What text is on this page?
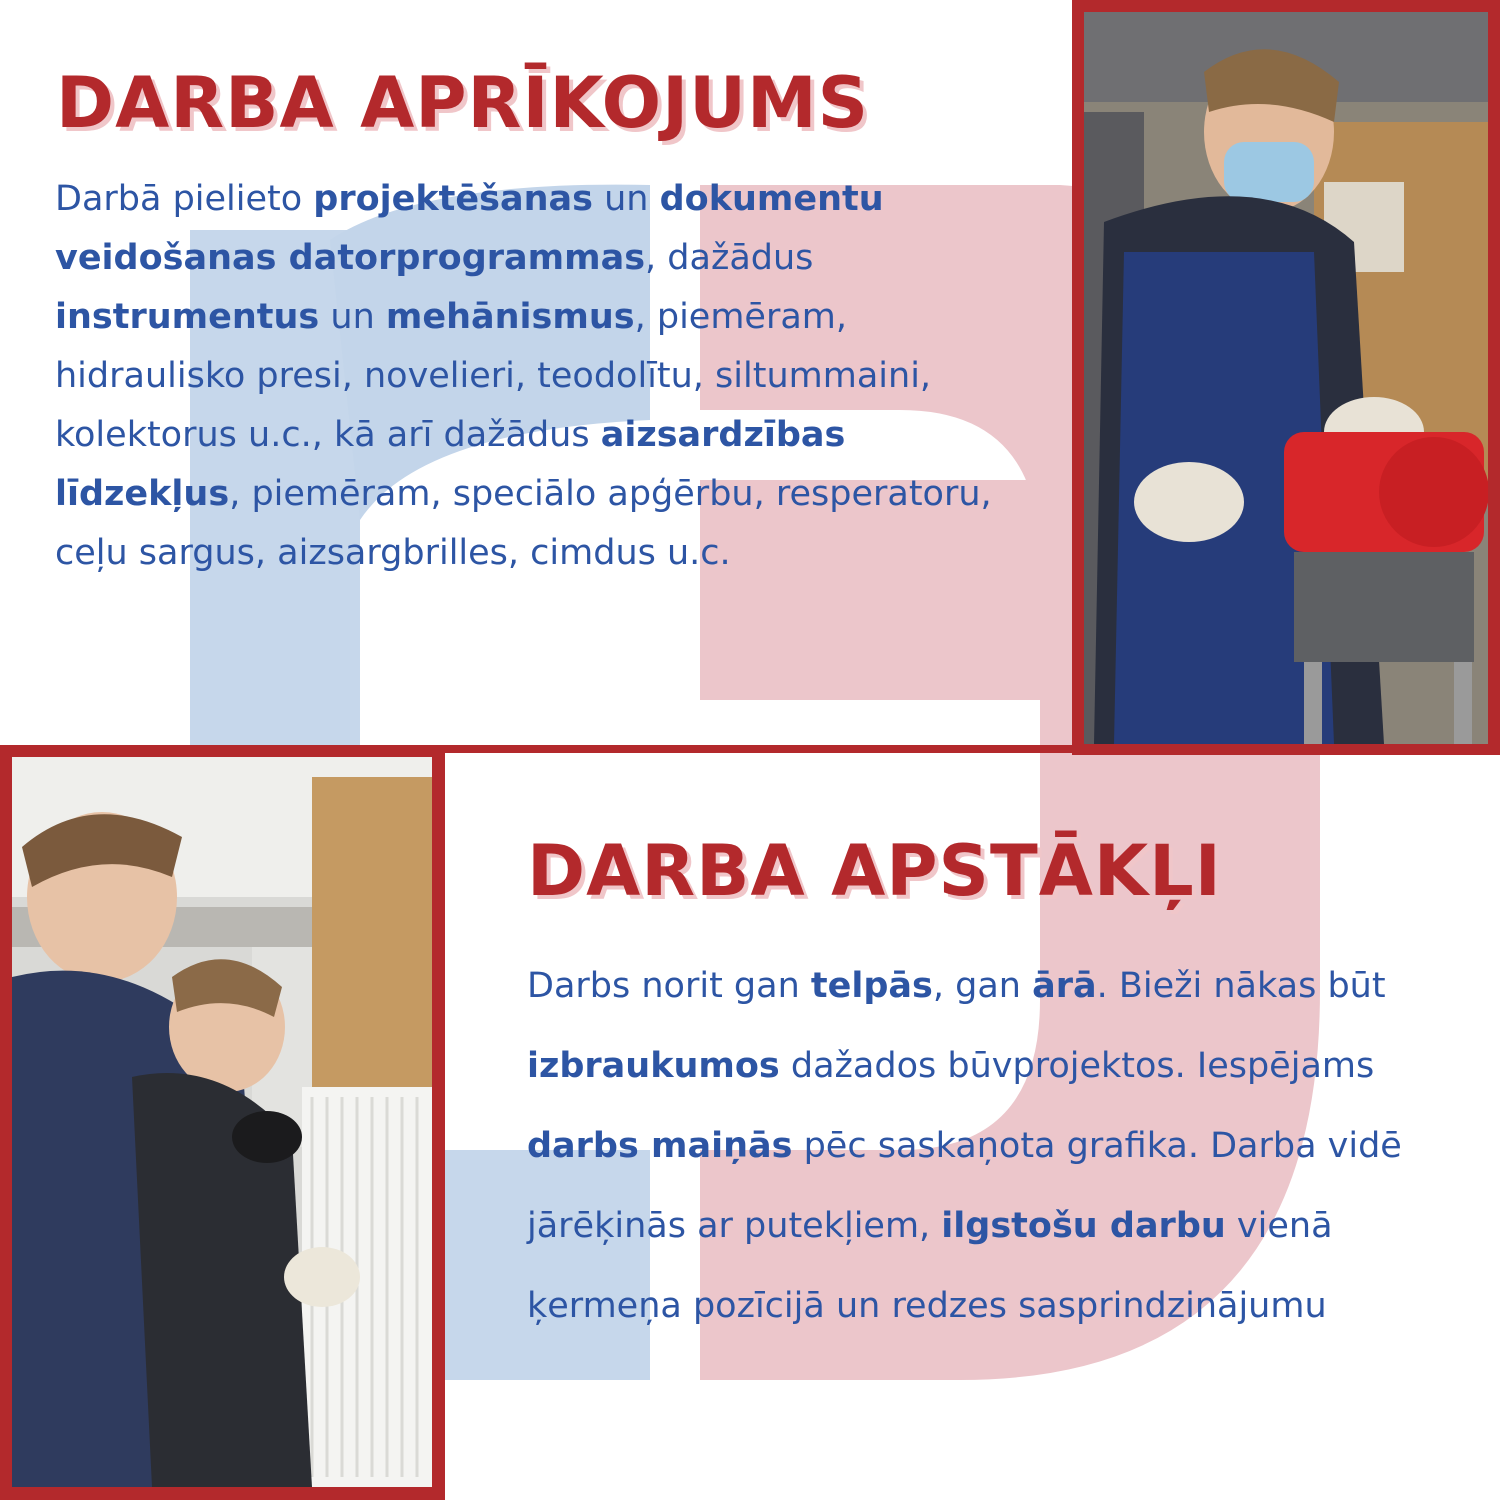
DARBA APRĪKOJUMS

Darbā pielieto projektēšanas un dokumentu veidošanas datorprogrammas, dažādus instrumentus un mehānismus, piemēram, hidraulisko presi, novelieri, teodolītu, siltummaini, kolektorus u.c., kā arī dažādus aizsardzības līdzekļus, piemēram, speciālo apģērbu, resperatoru, ceļu sargus, aizsargbrilles, cimdus u.c.

DARBA APSTĀKĻI

Darbs norit gan telpās, gan ārā. Bieži nākas būt izbraukumos dažados būvprojektos. Iespējams darbs maiņās pēc saskaņota grafika. Darba vidē jārēķinās ar putekļiem, ilgstošu darbu vienā ķermeņa pozīcijā un redzes sasprindzinājumu
